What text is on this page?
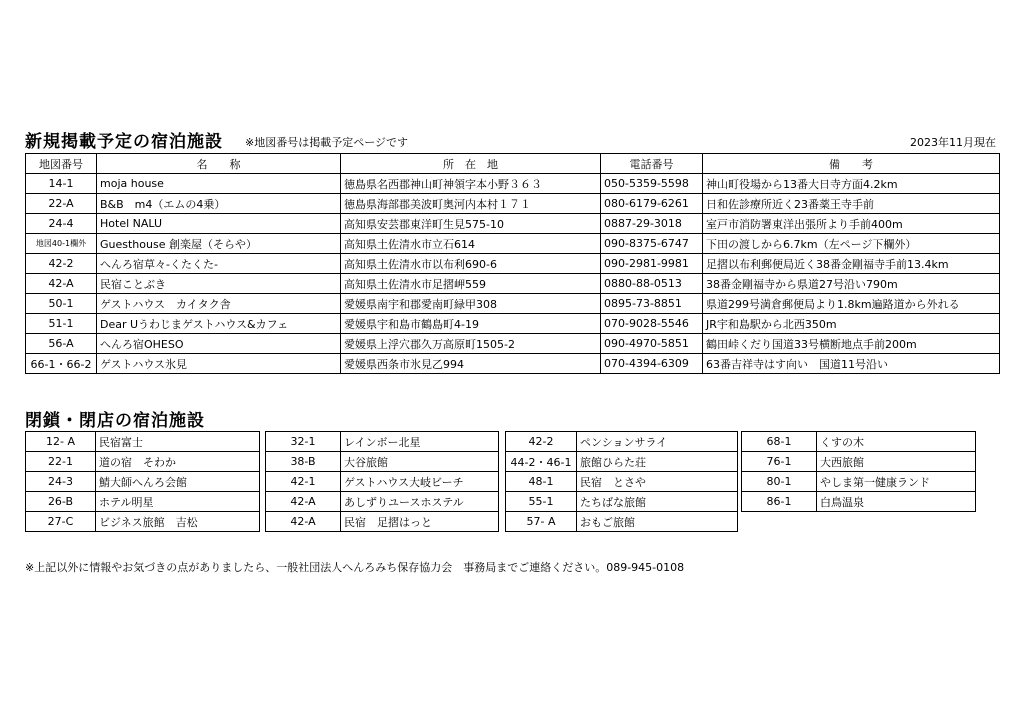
新規掲載予定の宿泊施設 ※地図番号は掲載予定ページです	2023年11月現在
地図番号	名　　称	所　在　地	電話番号	備　　考
14-1	moja house	徳島県名西郡神山町神領字本小野３６３	050-5359-5598	神山町役場から13番大日寺方面4.2km
22-A	B&B　m4（エムの4乗）	徳島県海部郡美波町奥河内本村１７１	080-6179-6261	日和佐診療所近く23番薬王寺手前
24-4	Hotel NALU	高知県安芸郡東洋町生見575-10	0887-29-3018	室戸市消防署東洋出張所より手前400m
地図40-1欄外	Guesthouse 創楽屋（そらや）	高知県土佐清水市立石614	090-8375-6747	下田の渡しから6.7km（左ページ下欄外）
42-2	へんろ宿草々-くたくた-	高知県土佐清水市以布利690-6	090-2981-9981	足摺以布利郵便局近く38番金剛福寺手前13.4km
42-A	民宿ことぶき	高知県土佐清水市足摺岬559	0880-88-0513	38番金剛福寺から県道27号沿い790m
50-1	ゲストハウス　カイタク舎	愛媛県南宇和郡愛南町緑甲308	0895-73-8851	県道299号満倉郵便局より1.8km遍路道から外れる
51-1	Dear Uうわじまゲストハウス&カフェ	愛媛県宇和島市鶴島町4-19	070-9028-5546	JR宇和島駅から北西350m
56-A	へんろ宿OHESO	愛媛県上浮穴郡久万高原町1505-2	090-4970-5851	鶴田峠くだり国道33号横断地点手前200m
66-1・66-2	ゲストハウス氷見	愛媛県西条市氷見乙994	070-4394-6309	63番吉祥寺はす向い　国道11号沿い
閉鎖・閉店の宿泊施設
12- A	民宿富士
22-1	道の宿　そわか
24-3	鯖大師へんろ会館
26-B	ホテル明星
27-C	ビジネス旅館　吉松
32-1	レインボー北星
38-B	大谷旅館
42-1	ゲストハウス大岐ビーチ
42-A	あしずりユースホステル
42-A	民宿　足摺はっと
42-2	ペンションサライ
44-2・46-1	旅館ひらた荘
48-1	民宿　とさや
55-1	たちばな旅館
57- A	おもご旅館
68-1	くすの木
76-1	大西旅館
80-1	やしま第一健康ランド
86-1	白鳥温泉
※上記以外に情報やお気づきの点がありましたら、一般社団法人へんろみち保存協力会　事務局までご連絡ください。089-945-0108
